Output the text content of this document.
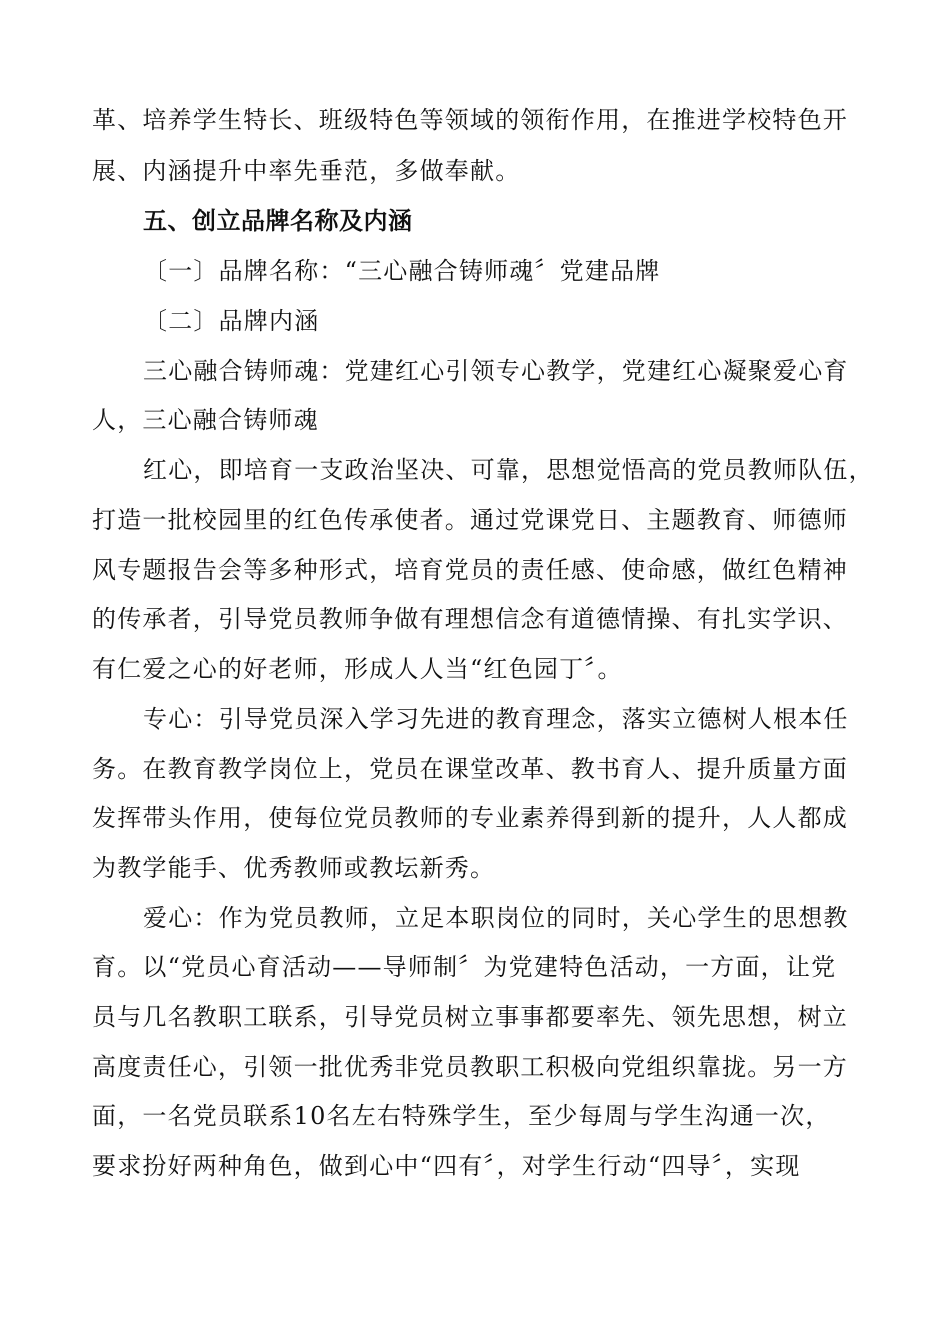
革、培养学生特长、班级特色等领域的领衔作用，在推进学校特色开
展、内涵提升中率先垂范，多做奉献。
五、创立品牌名称及内涵
〔一〕品牌名称：“三心融合铸师魂〞党建品牌
〔二〕品牌内涵
三心融合铸师魂：党建红心引领专心教学，党建红心凝聚爱心育
人，三心融合铸师魂
红心，即培育一支政治坚决、可靠，思想觉悟高的党员教师队伍，
打造一批校园里的红色传承使者。通过党课党日、主题教育、师德师
风专题报告会等多种形式，培育党员的责任感、使命感，做红色精神
的传承者，引导党员教师争做有理想信念有道德情操、有扎实学识、
有仁爱之心的好老师，形成人人当“红色园丁〞。
专心：引导党员深入学习先进的教育理念，落实立德树人根本任
务。在教育教学岗位上，党员在课堂改革、教书育人、提升质量方面
发挥带头作用，使每位党员教师的专业素养得到新的提升，人人都成
为教学能手、优秀教师或教坛新秀。
爱心：作为党员教师，立足本职岗位的同时，关心学生的思想教
育。以“党员心育活动——导师制〞为党建特色活动，一方面，让党
员与几名教职工联系，引导党员树立事事都要率先、领先思想，树立
高度责任心，引领一批优秀非党员教职工积极向党组织靠拢。另一方
面，一名党员联系10名左右特殊学生，至少每周与学生沟通一次，
要求扮好两种角色，做到心中“四有〞，对学生行动“四导〞，实现
